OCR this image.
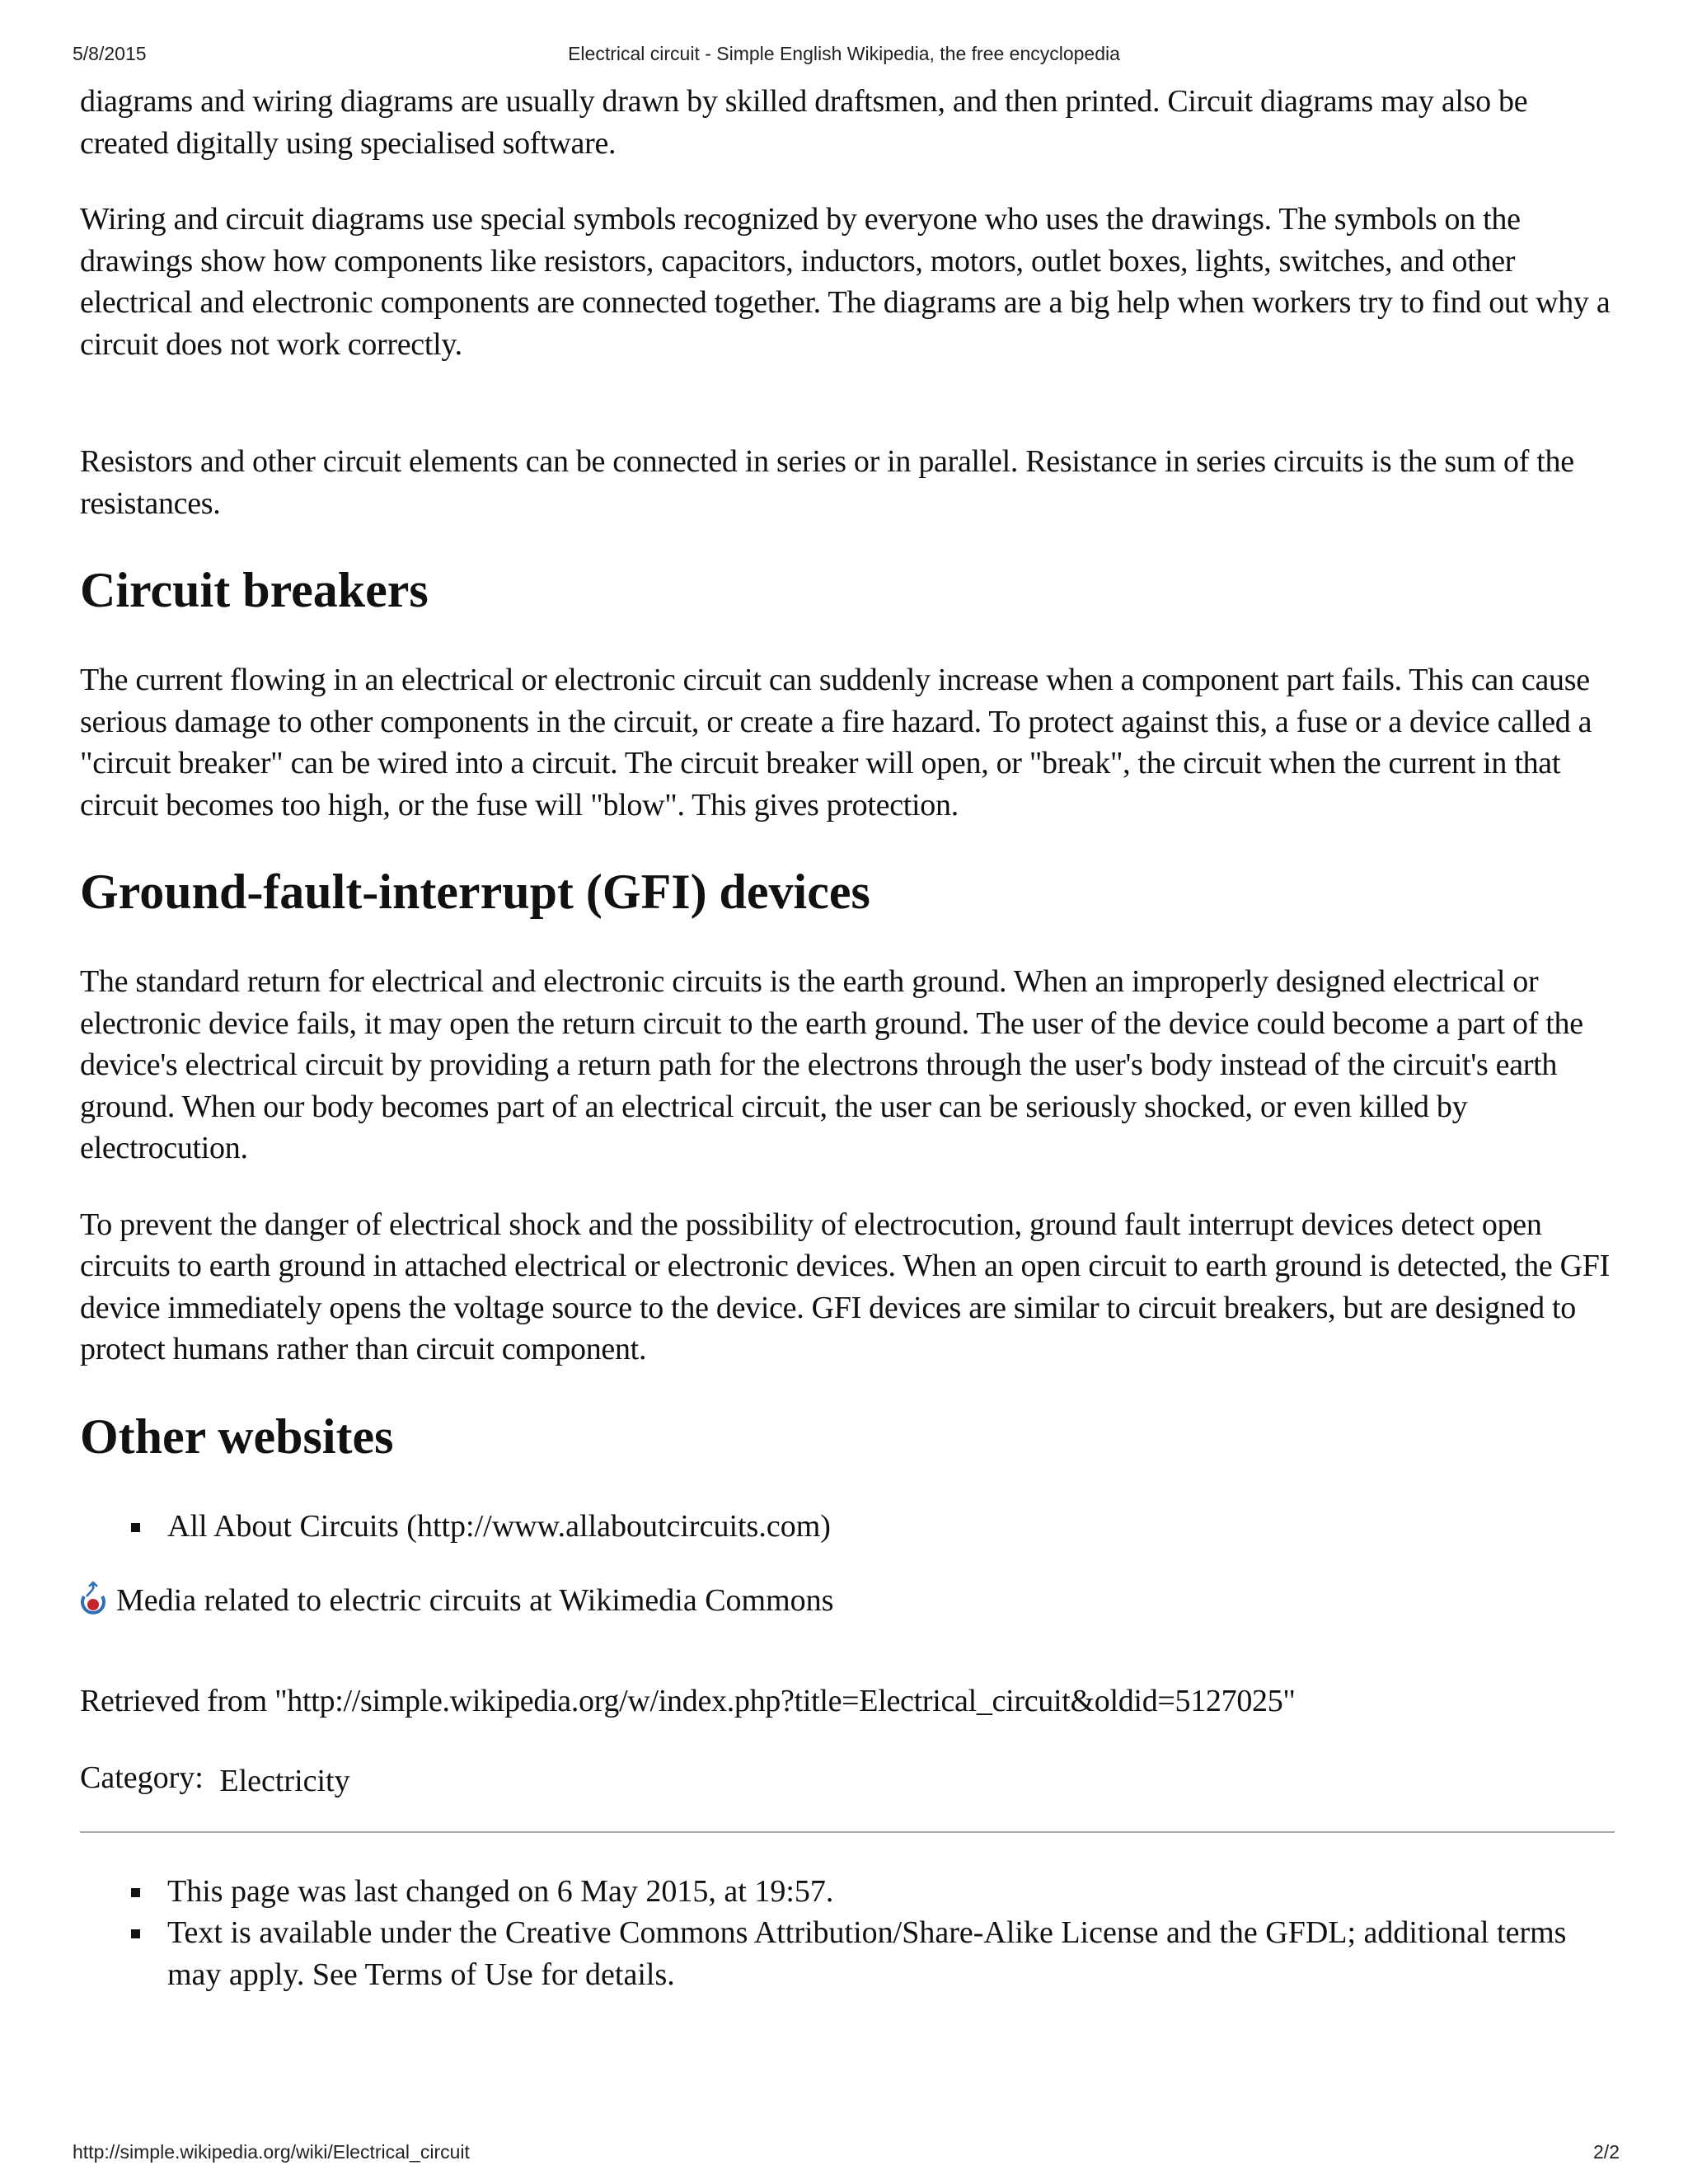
5/8/2015	Electrical circuit - Simple English Wikipedia, the free encyclopedia

diagrams and wiring diagrams are usually drawn by skilled draftsmen, and then printed. Circuit diagrams may also be created digitally using specialised software.

Wiring and circuit diagrams use special symbols recognized by everyone who uses the drawings. The symbols on the drawings show how components like resistors, capacitors, inductors, motors, outlet boxes, lights, switches, and other electrical and electronic components are connected together. The diagrams are a big help when workers try to find out why a circuit does not work correctly.

Resistors and other circuit elements can be connected in series or in parallel. Resistance in series circuits is the sum of the resistances.

Circuit breakers

The current flowing in an electrical or electronic circuit can suddenly increase when a component part fails. This can cause serious damage to other components in the circuit, or create a fire hazard. To protect against this, a fuse or a device called a "circuit breaker" can be wired into a circuit. The circuit breaker will open, or "break", the circuit when the current in that circuit becomes too high, or the fuse will "blow". This gives protection.

Ground-fault-interrupt (GFI) devices

The standard return for electrical and electronic circuits is the earth ground. When an improperly designed electrical or electronic device fails, it may open the return circuit to the earth ground. The user of the device could become a part of the device's electrical circuit by providing a return path for the electrons through the user's body instead of the circuit's earth ground. When our body becomes part of an electrical circuit, the user can be seriously shocked, or even killed by electrocution.

To prevent the danger of electrical shock and the possibility of electrocution, ground fault interrupt devices detect open circuits to earth ground in attached electrical or electronic devices. When an open circuit to earth ground is detected, the GFI device immediately opens the voltage source to the device. GFI devices are similar to circuit breakers, but are designed to protect humans rather than circuit component.

Other websites
All About Circuits (http://www.allaboutcircuits.com)
Media related to electric circuits at Wikimedia Commons

Retrieved from "http://simple.wikipedia.org/w/index.php?title=Electrical_circuit&oldid=5127025"

Category: Electricity
This page was last changed on 6 May 2015, at 19:57.
Text is available under the Creative Commons Attribution/Share-Alike License and the GFDL; additional terms may apply. See Terms of Use for details.
http://simple.wikipedia.org/wiki/Electrical_circuit	2/2
